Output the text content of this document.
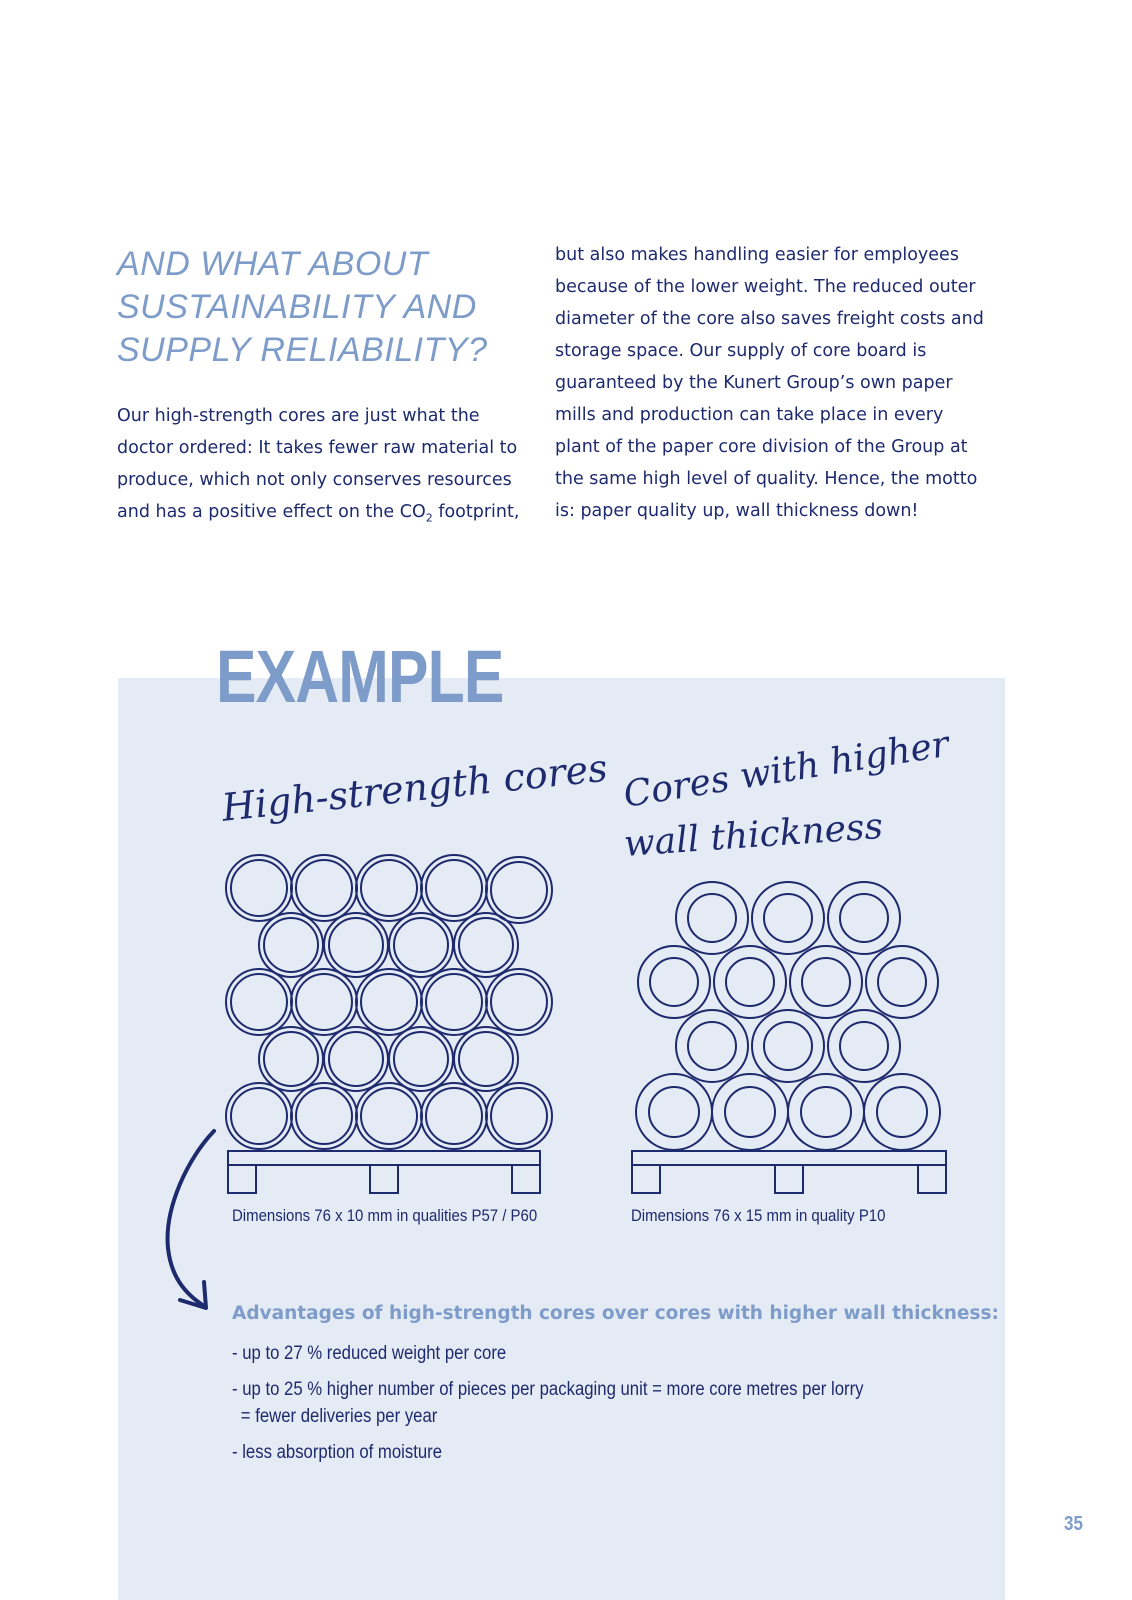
AND WHAT ABOUT
SUSTAINABILITY AND
SUPPLY RELIABILITY?

Our high-strength cores are just what the doctor ordered: It takes fewer raw material to produce, which not only conserves resources and has a positive effect on the $CO_2$ footprint,

but also makes handling easier for employees because of the lower weight. The reduced outer diameter of the core also saves freight costs and storage space. Our supply of core board is guaranteed by the Kunert Group’s own paper mills and production can take place in every plant of the paper core division of the Group at the same high level of quality. Hence, the motto is: paper quality up, wall thickness down!

EXAMPLE

High-strength cores Cores with higher

wall thickness

Dimensions 76 x 10 mm in qualities P57 / P60	Dimensions 76 x 15 mm in quality P10

Advantages of high-strength cores over cores with higher wall thickness:

- up to 27 % reduced weight per core
- up to 25 % higher number of pieces per packaging unit = more core metres per lorry
= fewer deliveries per year
- less absorption of moisture

35
